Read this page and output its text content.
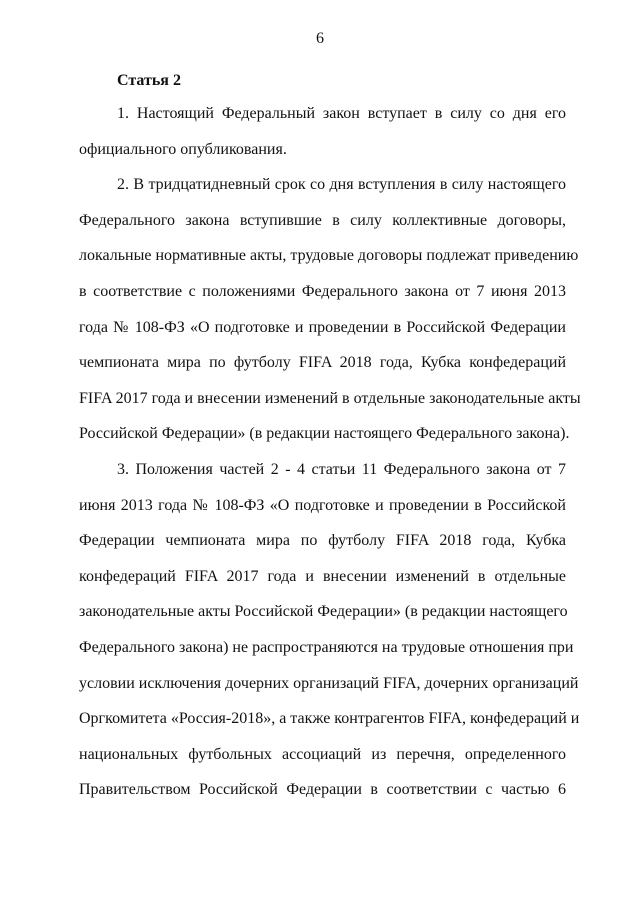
6
Статья 2

1. Настоящий Федеральный закон вступает в силу со дня его
официального опубликования.

2. В тридцатидневный срок со дня вступления в силу настоящего
Федерального закона вступившие в силу коллективные договоры,
локальные нормативные акты, трудовые договоры подлежат приведению
в соответствие с положениями Федерального закона от 7 июня 2013
года № 108-ФЗ «О подготовке и проведении в Российской Федерации
чемпионата мира по футболу FIFA 2018 года, Кубка конфедераций
FIFA 2017 года и внесении изменений в отдельные законодательные акты
Российской Федерации» (в редакции настоящего Федерального закона).

3. Положения частей 2 - 4 статьи 11 Федерального закона от 7
июня 2013 года № 108-ФЗ «О подготовке и проведении в Российской
Федерации чемпионата мира по футболу FIFA 2018 года, Кубка
конфедераций FIFA 2017 года и внесении изменений в отдельные
законодательные акты Российской Федерации» (в редакции настоящего
Федерального закона) не распространяются на трудовые отношения при
условии исключения дочерних организаций FIFA, дочерних организаций
Оргкомитета «Россия-2018», а также контрагентов FIFA, конфедераций и
национальных футбольных ассоциаций из перечня, определенного
Правительством Российской Федерации в соответствии с частью 6
